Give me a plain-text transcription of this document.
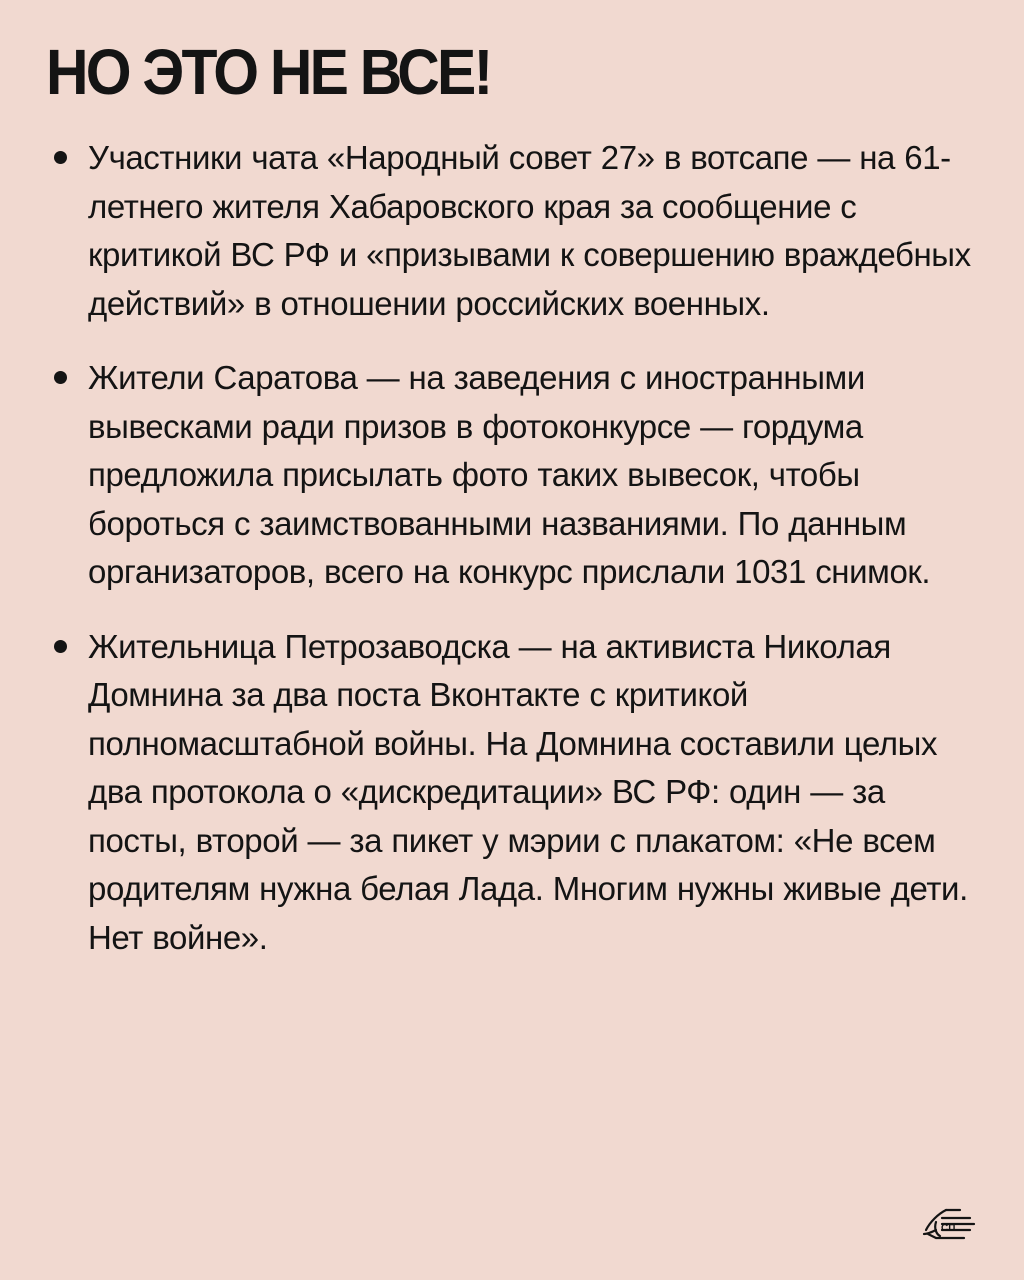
НО ЭТО НЕ ВСЕ!
Участники чата «Народный совет 27» в вотсапе — на 61-летнего жителя Хабаровского края за сообщение с критикой ВС РФ и «призывами к совершению враждебных действий» в отношении российских военных.
Жители Саратова — на заведения с иностранными вывесками ради призов в фотоконкурсе — гордума предложила присылать фото таких вывесок, чтобы бороться с заимствованными названиями. По данным организаторов, всего на конкурс прислали 1031 снимок.
Жительница Петрозаводска — на активиста Николая Домнина за два поста Вконтакте с критикой полномасштабной войны. На Домнина составили целых два протокола о «дискредитации» ВС РФ: один — за посты, второй — за пикет у мэрии с плакатом: «Не всем родителям нужна белая Лада. Многим нужны живые дети. Нет войне».
СП
